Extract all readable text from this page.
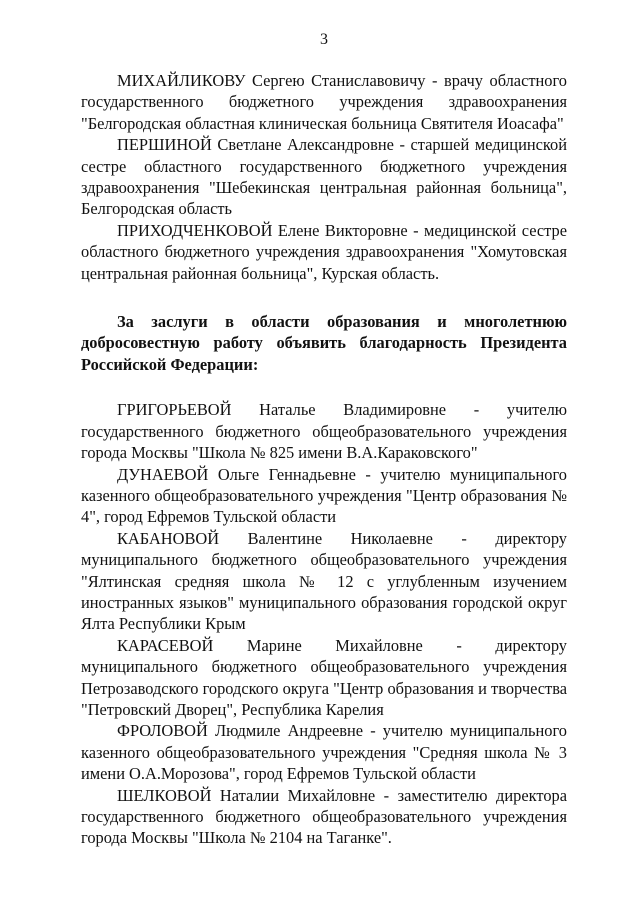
3

МИХАЙЛИКОВУ Сергею Станиславовичу - врачу областного государственного бюджетного учреждения здравоохранения "Белгородская областная клиническая больница Святителя Иоасафа"

ПЕРШИНОЙ Светлане Александровне - старшей медицинской сестре областного государственного бюджетного учреждения здравоохранения "Шебекинская центральная районная больница", Белгородская область

ПРИХОДЧЕНКОВОЙ Елене Викторовне - медицинской сестре областного бюджетного учреждения здравоохранения "Хомутовская центральная районная больница", Курская область.

За заслуги в области образования и многолетнюю добросовестную работу объявить благодарность Президента Российской Федерации:

ГРИГОРЬЕВОЙ Наталье Владимировне - учителю государственного бюджетного общеобразовательного учреждения города Москвы "Школа № 825 имени В.А.Караковского"

ДУНАЕВОЙ Ольге Геннадьевне - учителю муниципального казенного общеобразовательного учреждения "Центр образования № 4", город Ефремов Тульской области

КАБАНОВОЙ Валентине Николаевне - директору муниципального бюджетного общеобразовательного учреждения "Ялтинская средняя школа № 12 с углубленным изучением иностранных языков" муниципального образования городской округ Ялта Республики Крым

КАРАСЕВОЙ Марине Михайловне - директору муниципального бюджетного общеобразовательного учреждения Петрозаводского городского округа "Центр образования и творчества "Петровский Дворец", Республика Карелия

ФРОЛОВОЙ Людмиле Андреевне - учителю муниципального казенного общеобразовательного учреждения "Средняя школа № 3 имени О.А.Морозова", город Ефремов Тульской области

ШЕЛКОВОЙ Наталии Михайловне - заместителю директора государственного бюджетного общеобразовательного учреждения города Москвы "Школа № 2104 на Таганке".
